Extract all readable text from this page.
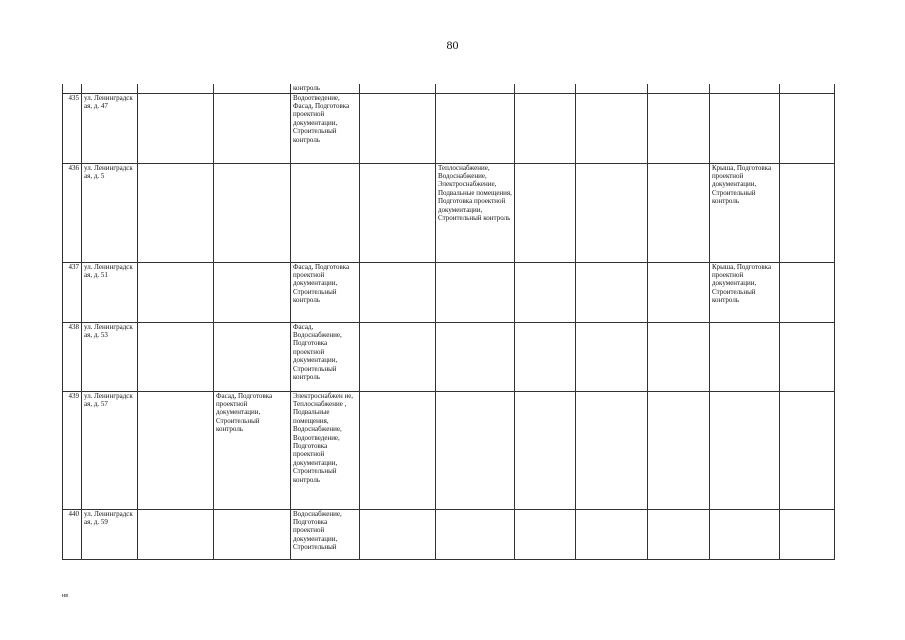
80

				контроль							

435	ул. Ленинградск ая, д. 47			Водоотведение, Фасад, Подготовка проектной документации, Строительный контроль							

436	ул. Ленинградск ая, д. 5					Теплоснабжение, Водоснабжение, Электроснабжение, Подвальные помещения, Подготовка проектной документации, Строительный контроль				Крыша, Подготовка проектной документации, Строительный контроль	

437	ул. Ленинградск ая, д. 51			Фасад, Подготовка проектной документации, Строительный контроль						Крыша, Подготовка проектной документации, Строительный контроль	

438	ул. Ленинградск ая, д. 53			Фасад, Водоснабжение, Подготовка проектной документации, Строительный контроль							

439	ул. Ленинградск ая, д. 57		Фасад, Подготовка проектной документации, Строительный контроль	Электроснабжен ие, Теплоснабжение , Подвальные помещения, Водоснабжение, Водоотведение, Подготовка проектной документации, Строительный контроль							

440	ул. Ленинградск ая, д. 59			Водоснабжение, Подготовка проектной документации, Строительный							

нв
